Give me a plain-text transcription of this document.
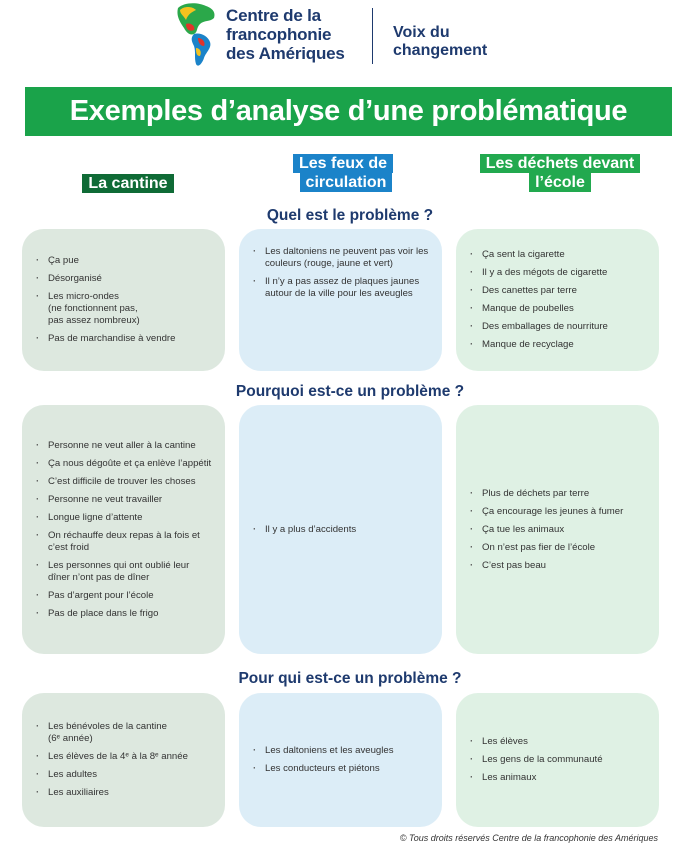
Centre de la
francophonie
des Amériques
Voix du
changement
Exemples d’analyse d’une problématique
La cantine
Les feux de circulation
Les déchets devant l’école
Quel est le problème ?
Pourquoi est-ce un problème ?
Pour qui est-ce un problème ?
· Ça pue
· Désorganisé
· Les micro-ondes
(ne fonctionnent pas,
pas assez nombreux)
· Pas de marchandise à vendre
· Les daltoniens ne peuvent pas voir les couleurs (rouge, jaune et vert)
· Il n’y a pas assez de plaques jaunes autour de la ville pour les aveugles
· Ça sent la cigarette
· Il y a des mégots de cigarette
· Des canettes par terre
· Manque de poubelles
· Des emballages de nourriture
· Manque de recyclage
· Personne ne veut aller à la cantine
· Ça nous dégoûte et ça enlève l’appétit
· C’est difficile de trouver les choses
· Personne ne veut travailler
· Longue ligne d’attente
· On réchauffe deux repas à la fois et c’est froid
· Les personnes qui ont oublié leur dîner n’ont pas de dîner
· Pas d’argent pour l’école
· Pas de place dans le frigo
· Il y a plus d’accidents
· Plus de déchets par terre
· Ça encourage les jeunes à fumer
· Ça tue les animaux
· On n’est pas fier de l’école
· C’est pas beau
· Les bénévoles de la cantine
(6ᵉ année)
· Les élèves de la 4ᵉ à la 8ᵉ année
· Les adultes
· Les auxiliaires
· Les daltoniens et les aveugles
· Les conducteurs et piétons
· Les élèves
· Les gens de la communauté
· Les animaux
© Tous droits réservés Centre de la francophonie des Amériques
